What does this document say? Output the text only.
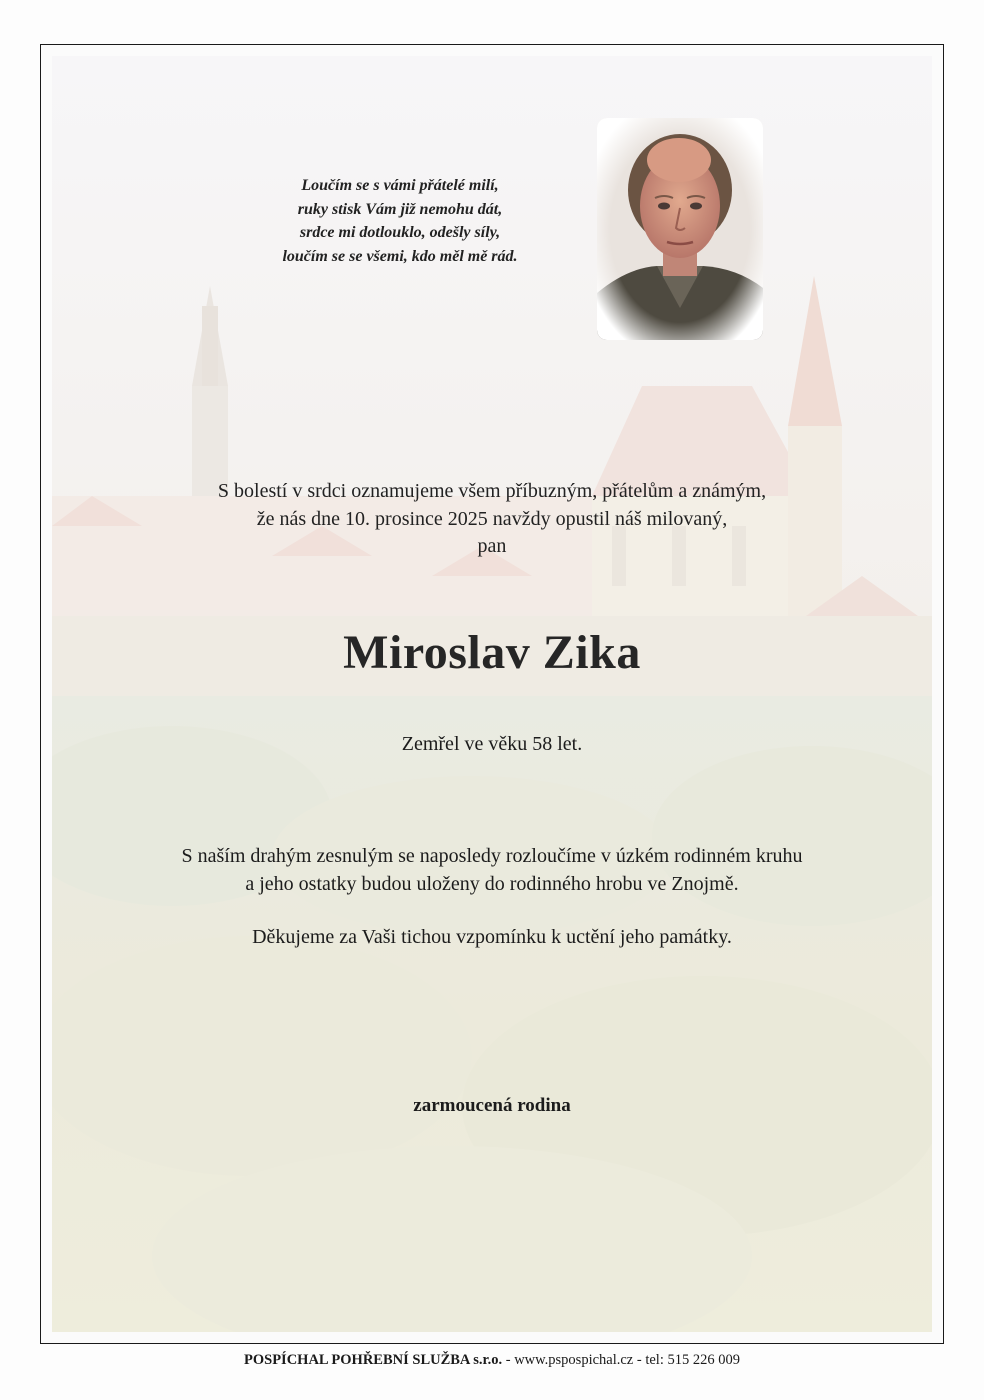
Loučím se s vámi přátelé milí,
ruky stisk Vám již nemohu dát,
srdce mi dotlouklo, odešly síly,
loučím se se všemi, kdo měl mě rád.
S bolestí v srdci oznamujeme všem příbuzným, přátelům a známým,
že nás dne 10. prosince 2025 navždy opustil náš milovaný,
pan
Miroslav Zika
Zemřel ve věku 58 let.
S naším drahým zesnulým se naposledy rozloučíme v úzkém rodinném kruhu
a jeho ostatky budou uloženy do rodinného hrobu ve Znojmě.
Děkujeme za Vaši tichou vzpomínku k uctění jeho památky.
zarmoucená rodina
POSPÍCHAL POHŘEBNÍ SLUŽBA s.r.o. - www.pspospichal.cz - tel: 515 226 009
